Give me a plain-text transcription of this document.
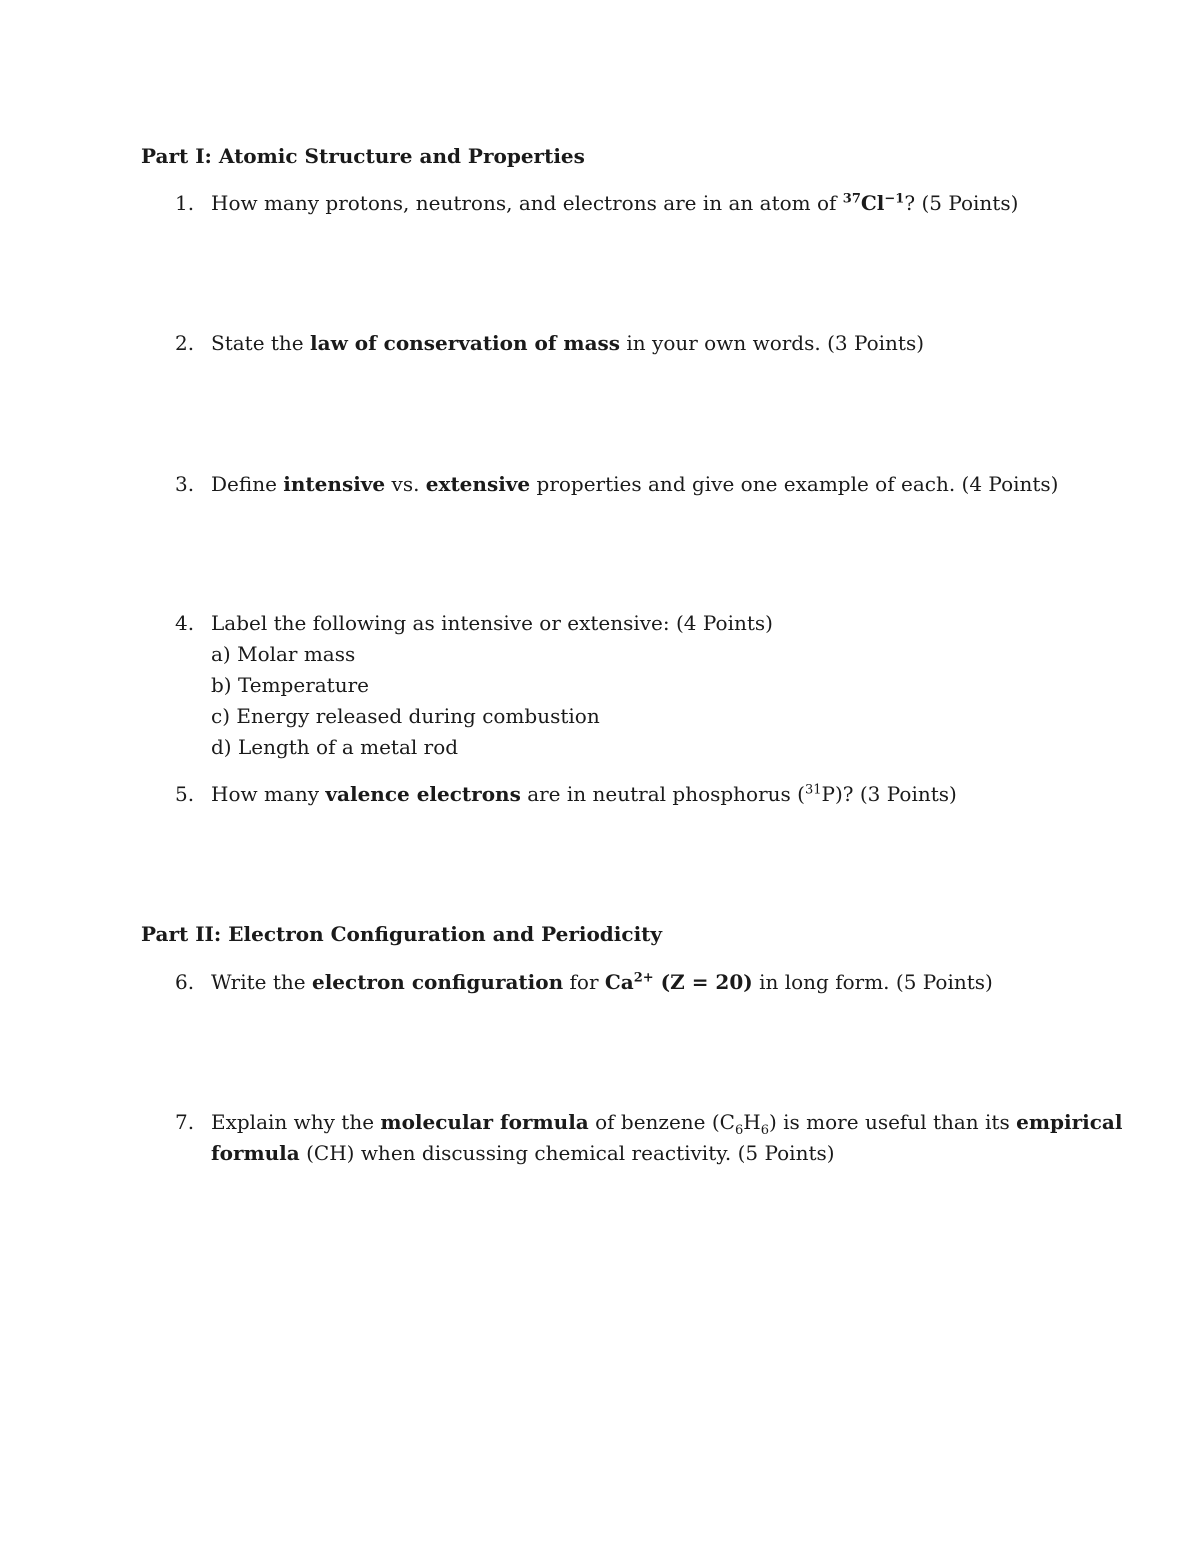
Part I: Atomic Structure and Properties
1. How many protons, neutrons, and electrons are in an atom of $^{37}Cl^{-1}$? (5 Points)
2. State the law of conservation of mass in your own words. (3 Points)
3. Define intensive vs. extensive properties and give one example of each. (4 Points)
4. Label the following as intensive or extensive: (4 Points)
a) Molar mass
b) Temperature
c) Energy released during combustion
d) Length of a metal rod
5. How many valence electrons are in neutral phosphorus ($^{31}$P)? (3 Points)
Part II: Electron Configuration and Periodicity
6. Write the electron configuration for $Ca^{2+}$ (Z = 20) in long form. (5 Points)
7. Explain why the molecular formula of benzene $(C_6H_6)$ is more useful than its empirical
formula (CH) when discussing chemical reactivity. (5 Points)
